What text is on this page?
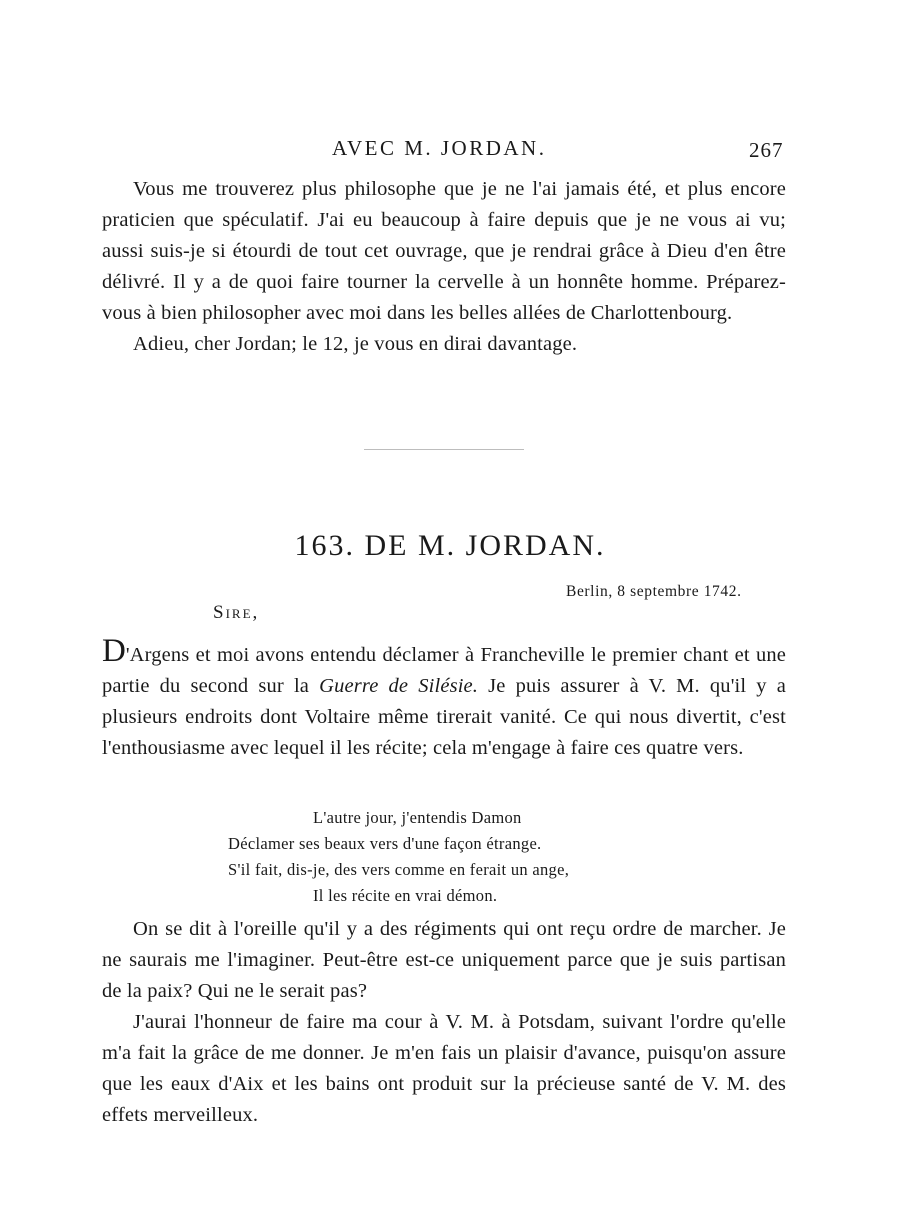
AVEC M. JORDAN.	267

Vous me trouverez plus philosophe que je ne l'ai jamais été, et plus encore praticien que spéculatif. J'ai eu beaucoup à faire depuis que je ne vous ai vu; aussi suis-je si étourdi de tout cet ouvrage, que je rendrai grâce à Dieu d'en être délivré. Il y a de quoi faire tourner la cervelle à un honnête homme. Préparez-vous à bien philosopher avec moi dans les belles allées de Charlottenbourg.

Adieu, cher Jordan; le 12, je vous en dirai davantage.

163. DE M. JORDAN.
Berlin, 8 septembre 1742.
Sire,

D'Argens et moi avons entendu déclamer à Francheville le premier chant et une partie du second sur la Guerre de Silésie. Je puis assurer à V. M. qu'il y a plusieurs endroits dont Voltaire même tirerait vanité. Ce qui nous divertit, c'est l'enthousiasme avec lequel il les récite; cela m'engage à faire ces quatre vers.

L'autre jour, j'entendis Damon
Déclamer ses beaux vers d'une façon étrange.
S'il fait, dis-je, des vers comme en ferait un ange,
Il les récite en vrai démon.

On se dit à l'oreille qu'il y a des régiments qui ont reçu ordre de marcher. Je ne saurais me l'imaginer. Peut-être est-ce uniquement parce que je suis partisan de la paix? Qui ne le serait pas?

J'aurai l'honneur de faire ma cour à V. M. à Potsdam, suivant l'ordre qu'elle m'a fait la grâce de me donner. Je m'en fais un plaisir d'avance, puisqu'on assure que les eaux d'Aix et les bains ont produit sur la précieuse santé de V. M. des effets merveilleux.
